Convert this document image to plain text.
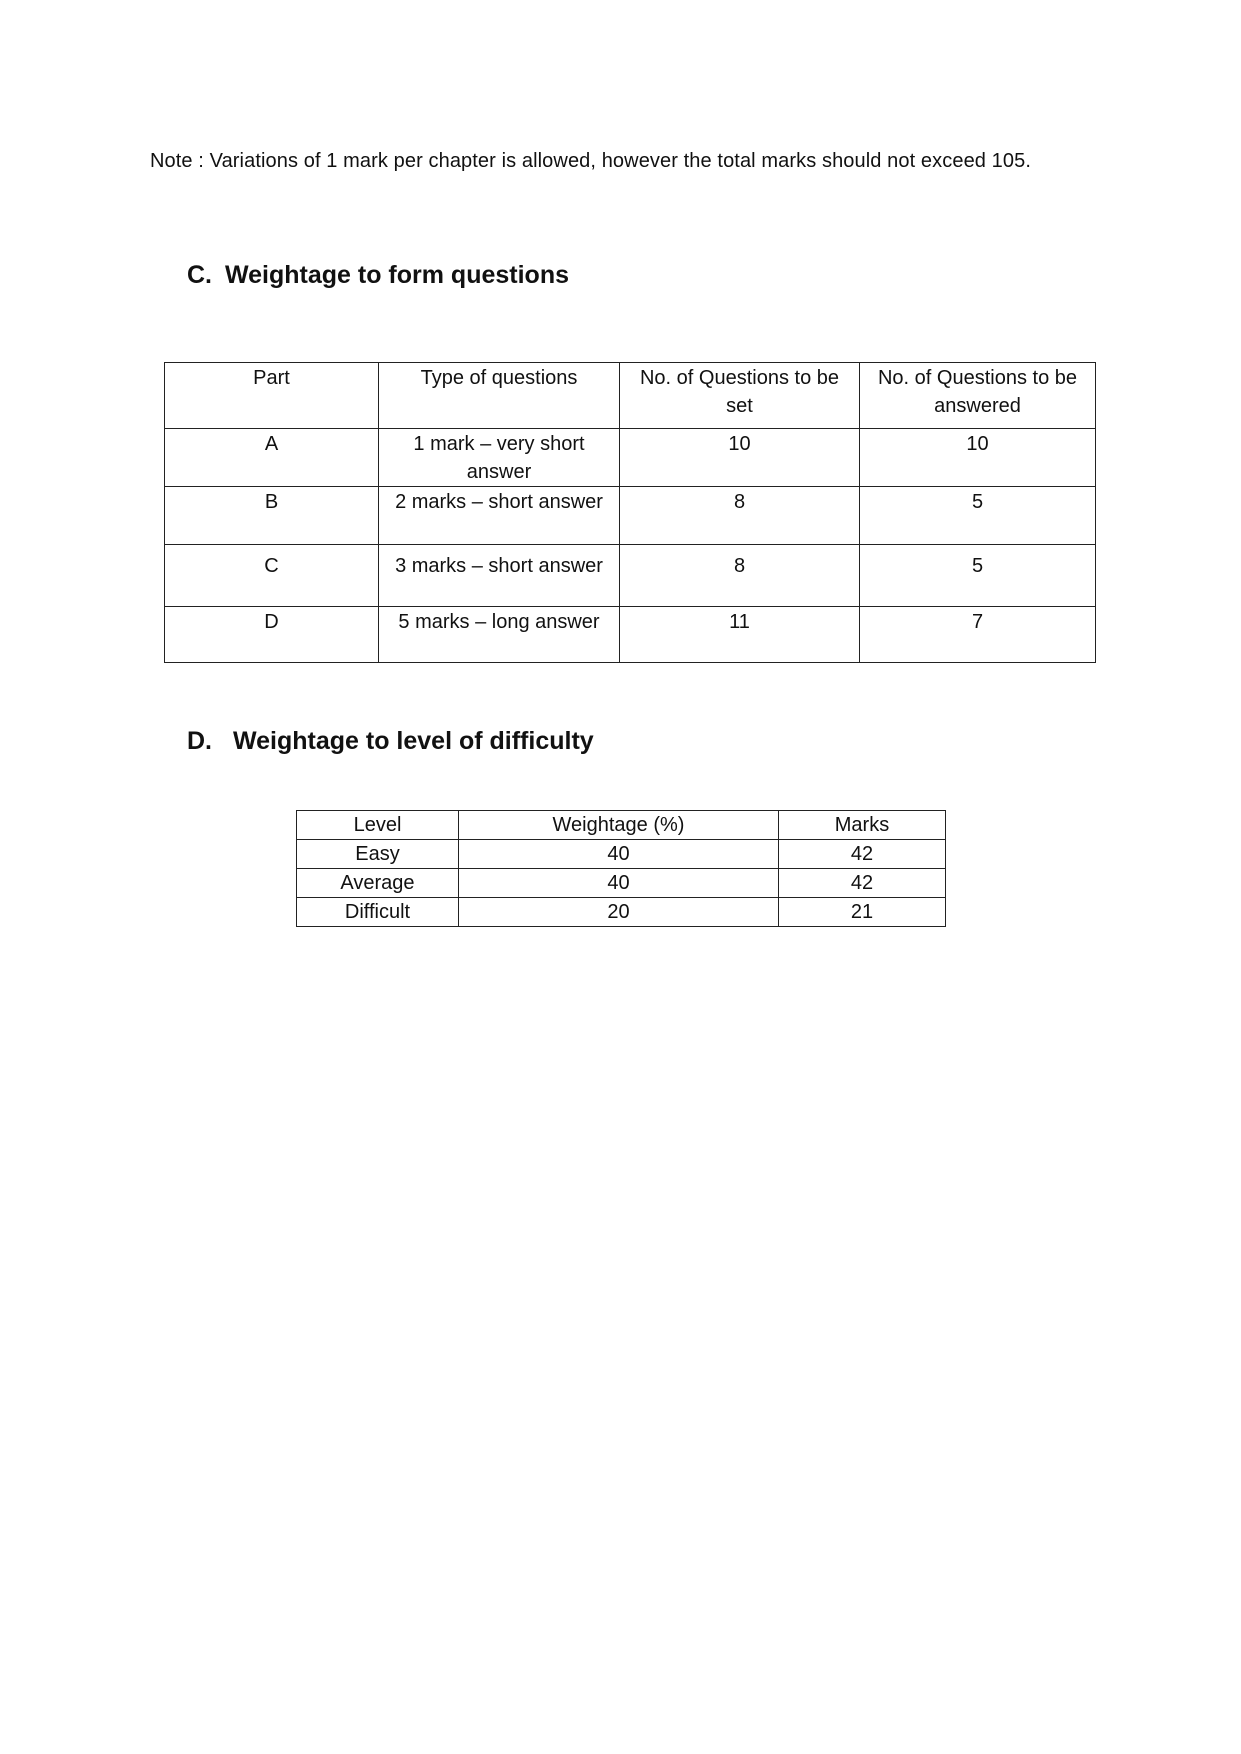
Note : Variations of 1 mark per chapter is allowed, however the total marks should not exceed 105.
C. Weightage to form questions
Part	Type of questions	No. of Questions to be set	No. of Questions to be answered
A	1 mark – very short answer	10	10
B	2 marks – short answer	8	5
C	3 marks – short answer	8	5
D	5 marks – long answer	11	7
D. Weightage to level of difficulty
Level	Weightage (%)	Marks
Easy	40	42
Average	40	42
Difficult	20	21
